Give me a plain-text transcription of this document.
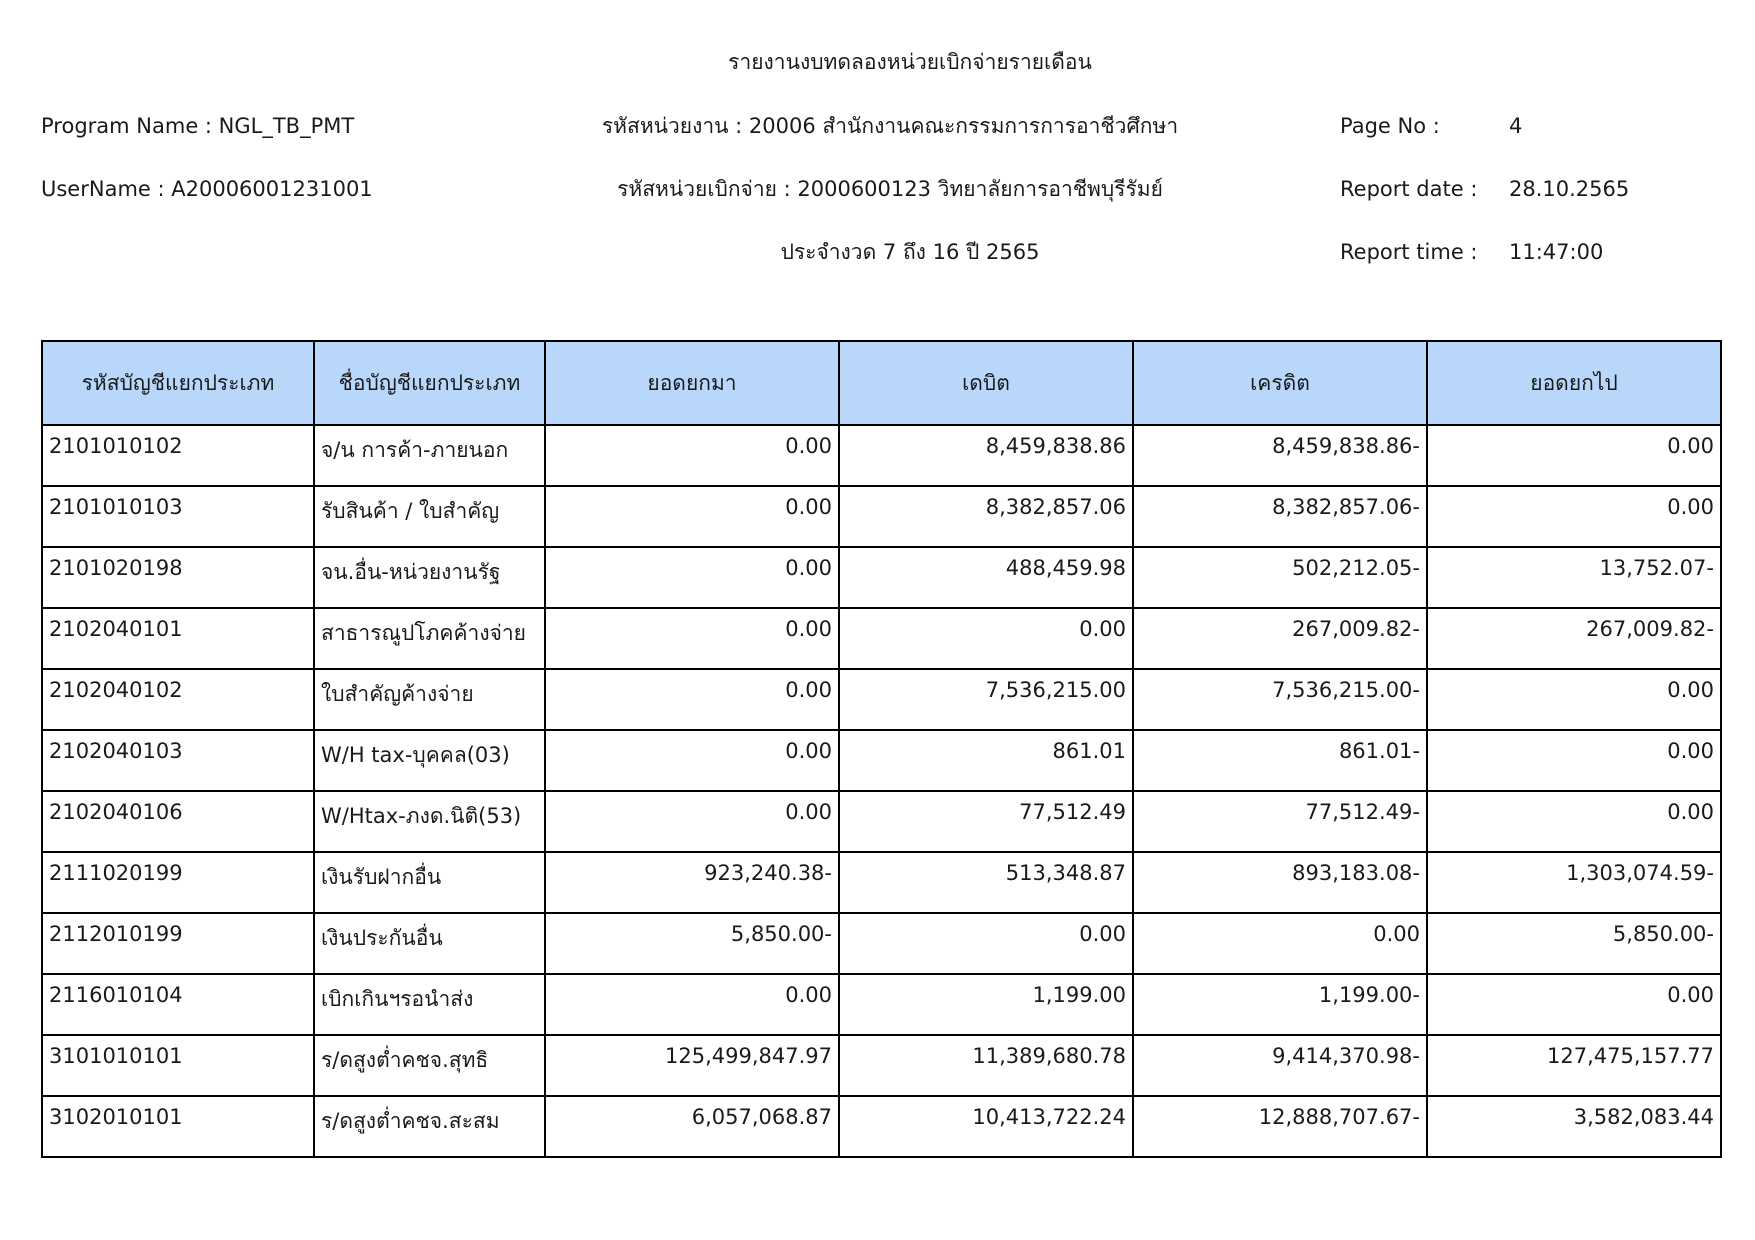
รายงานงบทดลองหน่วยเบิกจ่ายรายเดือน
Program Name : NGL_TB_PMT	รหัสหน่วยงาน : 20006 สำนักงานคณะกรรมการการอาชีวศึกษา	Page No :	4
UserName : A20006001231001	รหัสหน่วยเบิกจ่าย : 2000600123 วิทยาลัยการอาชีพบุรีรัมย์	Report date : 28.10.2565
ประจำงวด 7 ถึง 16 ปี 2565	Report time : 11:47:00
รหัสบัญชีแยกประเภท	ชื่อบัญชีแยกประเภท	ยอดยกมา	เดบิต	เครดิต	ยอดยกไป
2101010102	จ/น การค้า-ภายนอก	0.00	8,459,838.86	8,459,838.86-	0.00
2101010103	รับสินค้า / ใบสำคัญ	0.00	8,382,857.06	8,382,857.06-	0.00
2101020198	จน.อื่น-หน่วยงานรัฐ	0.00	488,459.98	502,212.05-	13,752.07-
2102040101	สาธารณูปโภคค้างจ่าย	0.00	0.00	267,009.82-	267,009.82-
2102040102	ใบสำคัญค้างจ่าย	0.00	7,536,215.00	7,536,215.00-	0.00
2102040103	W/H tax-บุคคล(03)	0.00	861.01	861.01-	0.00
2102040106	W/Htax-ภงด.นิติ(53)	0.00	77,512.49	77,512.49-	0.00
2111020199	เงินรับฝากอื่น	923,240.38-	513,348.87	893,183.08-	1,303,074.59-
2112010199	เงินประกันอื่น	5,850.00-	0.00	0.00	5,850.00-
2116010104	เบิกเกินฯรอนำส่ง	0.00	1,199.00	1,199.00-	0.00
3101010101	ร/ดสูงต่ำคชจ.สุทธิ	125,499,847.97	11,389,680.78	9,414,370.98-	127,475,157.77
3102010101	ร/ดสูงต่ำคชจ.สะสม	6,057,068.87	10,413,722.24	12,888,707.67-	3,582,083.44
